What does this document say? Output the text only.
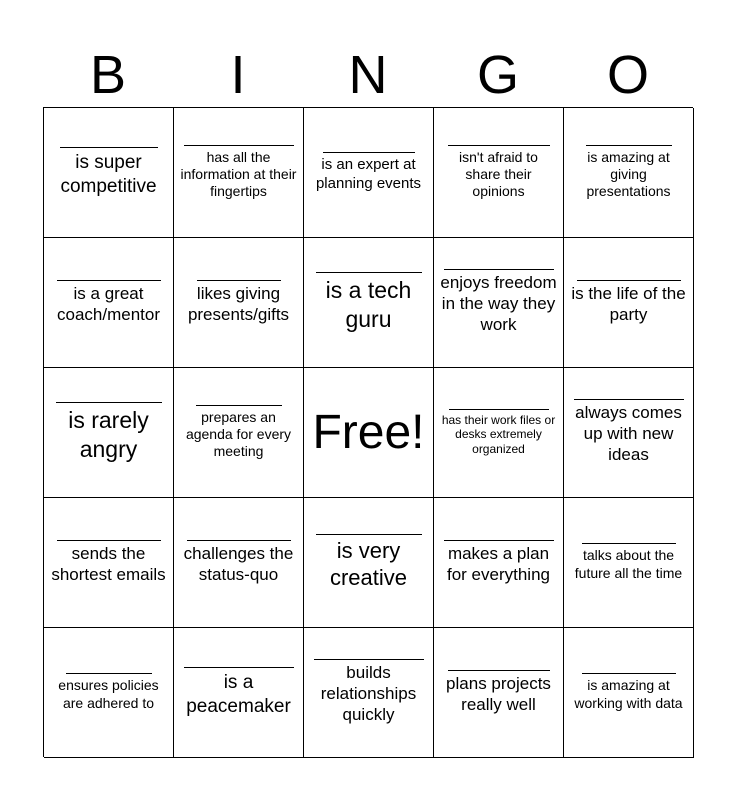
B	I	N	G	O
is super competitive
has all the information at their fingertips
is an expert at planning events
isn't afraid to share their opinions
is amazing at giving presentations
is a great coach/mentor
likes giving presents/gifts
is a tech guru
enjoys freedom in the way they work
is the life of the party
is rarely angry
prepares an agenda for every meeting	Free! has their work files or desks extremely organized
always comes up with new ideas
sends the shortest emails
challenges the status-quo
is very creative
makes a plan for everything
talks about the future all the time
ensures policies are adhered to
is a peacemaker
builds relationships quickly
plans projects really well
is amazing at working with data
